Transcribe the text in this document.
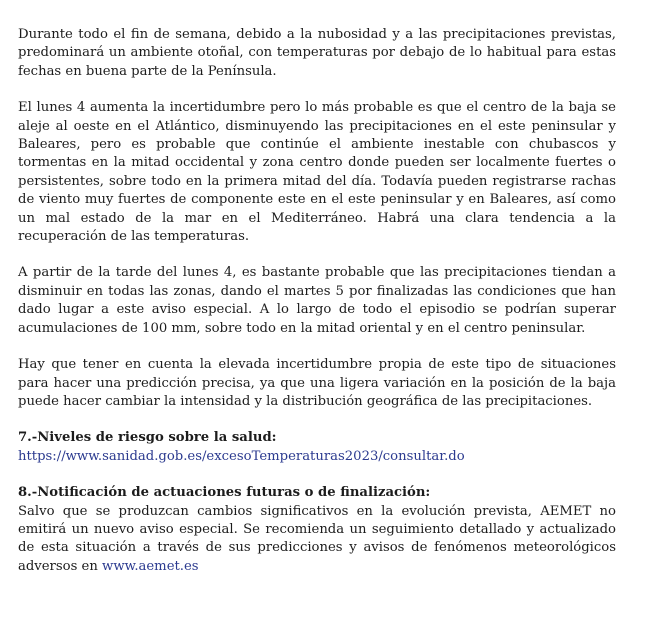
Durante todo el fin de semana, debido a la nubosidad y a las precipitaciones previstas, predominará un ambiente otoñal, con temperaturas por debajo de lo habitual para estas fechas en buena parte de la Península.

El lunes 4 aumenta la incertidumbre pero lo más probable es que el centro de la baja se aleje al oeste en el Atlántico, disminuyendo las precipitaciones en el este peninsular y Baleares, pero es probable que continúe el ambiente inestable con chubascos y tormentas en la mitad occidental y zona centro donde pueden ser localmente fuertes o persistentes, sobre todo en la primera mitad del día. Todavía pueden registrarse rachas de viento muy fuertes de componente este en el este peninsular y en Baleares, así como un mal estado de la mar en el Mediterráneo. Habrá una clara tendencia a la recuperación de las temperaturas.

A partir de la tarde del lunes 4, es bastante probable que las precipitaciones tiendan a disminuir en todas las zonas, dando el martes 5 por finalizadas las condiciones que han dado lugar a este aviso especial. A lo largo de todo el episodio se podrían superar acumulaciones de 100 mm, sobre todo en la mitad oriental y en el centro peninsular.

Hay que tener en cuenta la elevada incertidumbre propia de este tipo de situaciones para hacer una predicción precisa, ya que una ligera variación en la posición de la baja puede hacer cambiar la intensidad y la distribución geográfica de las precipitaciones.

7.-Niveles de riesgo sobre la salud:
https://www.sanidad.gob.es/excesoTemperaturas2023/consultar.do
8.-Notificación de actuaciones futuras o de finalización:

Salvo que se produzcan cambios significativos en la evolución prevista, AEMET no emitirá un nuevo aviso especial. Se recomienda un seguimiento detallado y actualizado de esta situación a través de sus predicciones y avisos de fenómenos meteorológicos adversos en www.aemet.es
